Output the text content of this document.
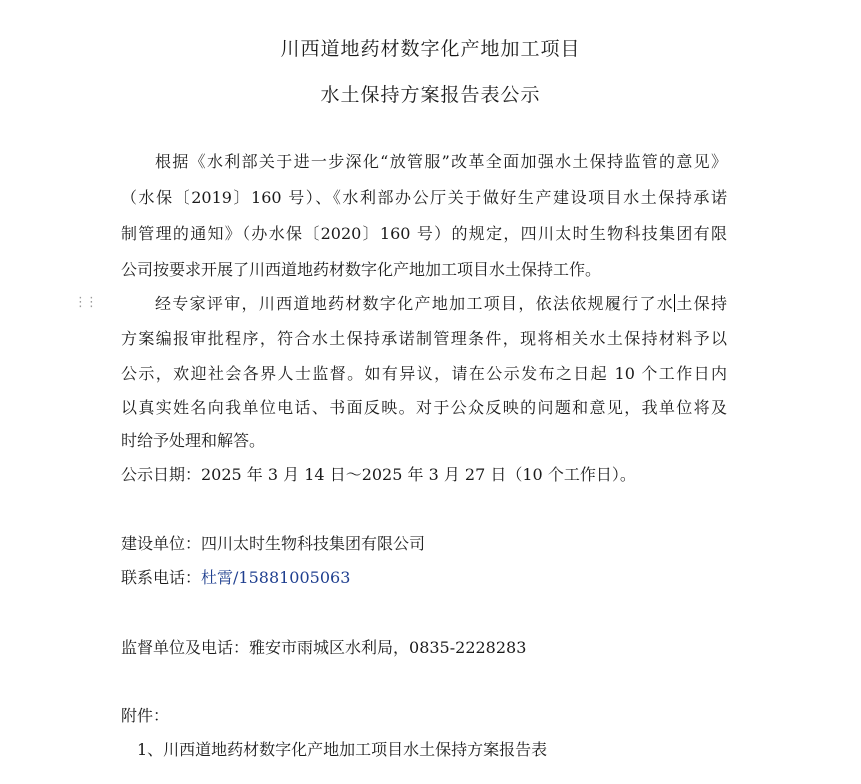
川西道地药材数字化产地加工项目
水土保持方案报告表公示
⋮⋮
根据《水利部关于进一步深化“放管服”改革全面加强水土保持监管的意见》
（水保〔2019〕160 号）、《水利部办公厅关于做好生产建设项目水土保持承诺
制管理的通知》（办水保〔2020〕160 号）的规定，四川太时生物科技集团有限
公司按要求开展了川西道地药材数字化产地加工项目水土保持工作。
经专家评审，川西道地药材数字化产地加工项目，依法依规履行了水土保持
方案编报审批程序，符合水土保持承诺制管理条件，现将相关水土保持材料予以
公示，欢迎社会各界人士监督。如有异议，请在公示发布之日起 10 个工作日内
以真实姓名向我单位电话、书面反映。对于公众反映的问题和意见，我单位将及
时给予处理和解答。
公示日期：2025 年 3 月 14 日～2025 年 3 月 27 日（10 个工作日）。
建设单位：四川太时生物科技集团有限公司
联系电话：杜霄/15881005063
监督单位及电话：雅安市雨城区水利局，0835-2228283
附件：
1、川西道地药材数字化产地加工项目水土保持方案报告表
